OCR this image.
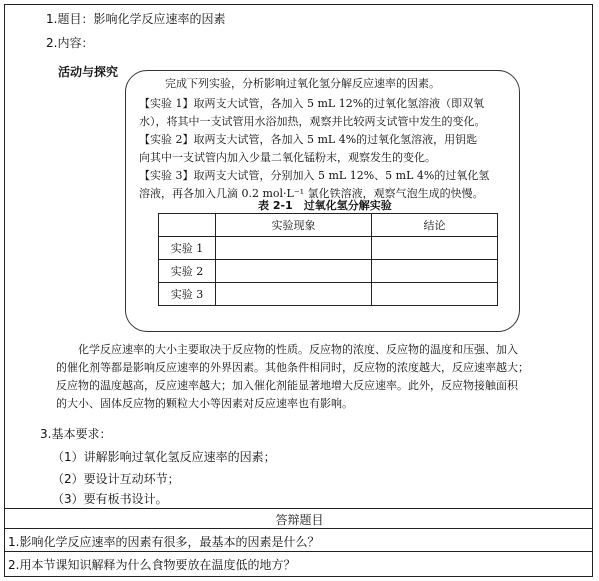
1.题目：影响化学反应速率的因素
2.内容：
活动与探究
完成下列实验，分析影响过氧化氢分解反应速率的因素。
【实验 1】取两支大试管，各加入 5 mL 12%的过氧化氢溶液（即双氧
水），将其中一支试管用水浴加热，观察并比较两支试管中发生的变化。
【实验 2】取两支大试管，各加入 5 mL 4%的过氧化氢溶液，用钥匙
向其中一支试管内加入少量二氧化锰粉末，观察发生的变化。
【实验 3】取两支大试管，分别加入 5 mL 12%、5 mL 4%的过氧化氢
溶液，再各加入几滴 0.2 mol·L⁻¹ 氯化铁溶液，观察气泡生成的快慢。
表 2-1　过氧化氢分解实验
	实验现象	结论
实验 1		
实验 2		
实验 3		
化学反应速率的大小主要取决于反应物的性质。反应物的浓度、反应物的温度和压强、加入
的催化剂等都是影响反应速率的外界因素。其他条件相同时，反应物的浓度越大，反应速率越大；
反应物的温度越高，反应速率越大；加入催化剂能显著地增大反应速率。此外，反应物接触面积
的大小、固体反应物的颗粒大小等因素对反应速率也有影响。
3.基本要求：
（1）讲解影响过氧化氢反应速率的因素；
（2）要设计互动环节；
（3）要有板书设计。
答辩题目
1.影响化学反应速率的因素有很多，最基本的因素是什么？
2.用本节课知识解释为什么食物要放在温度低的地方？
